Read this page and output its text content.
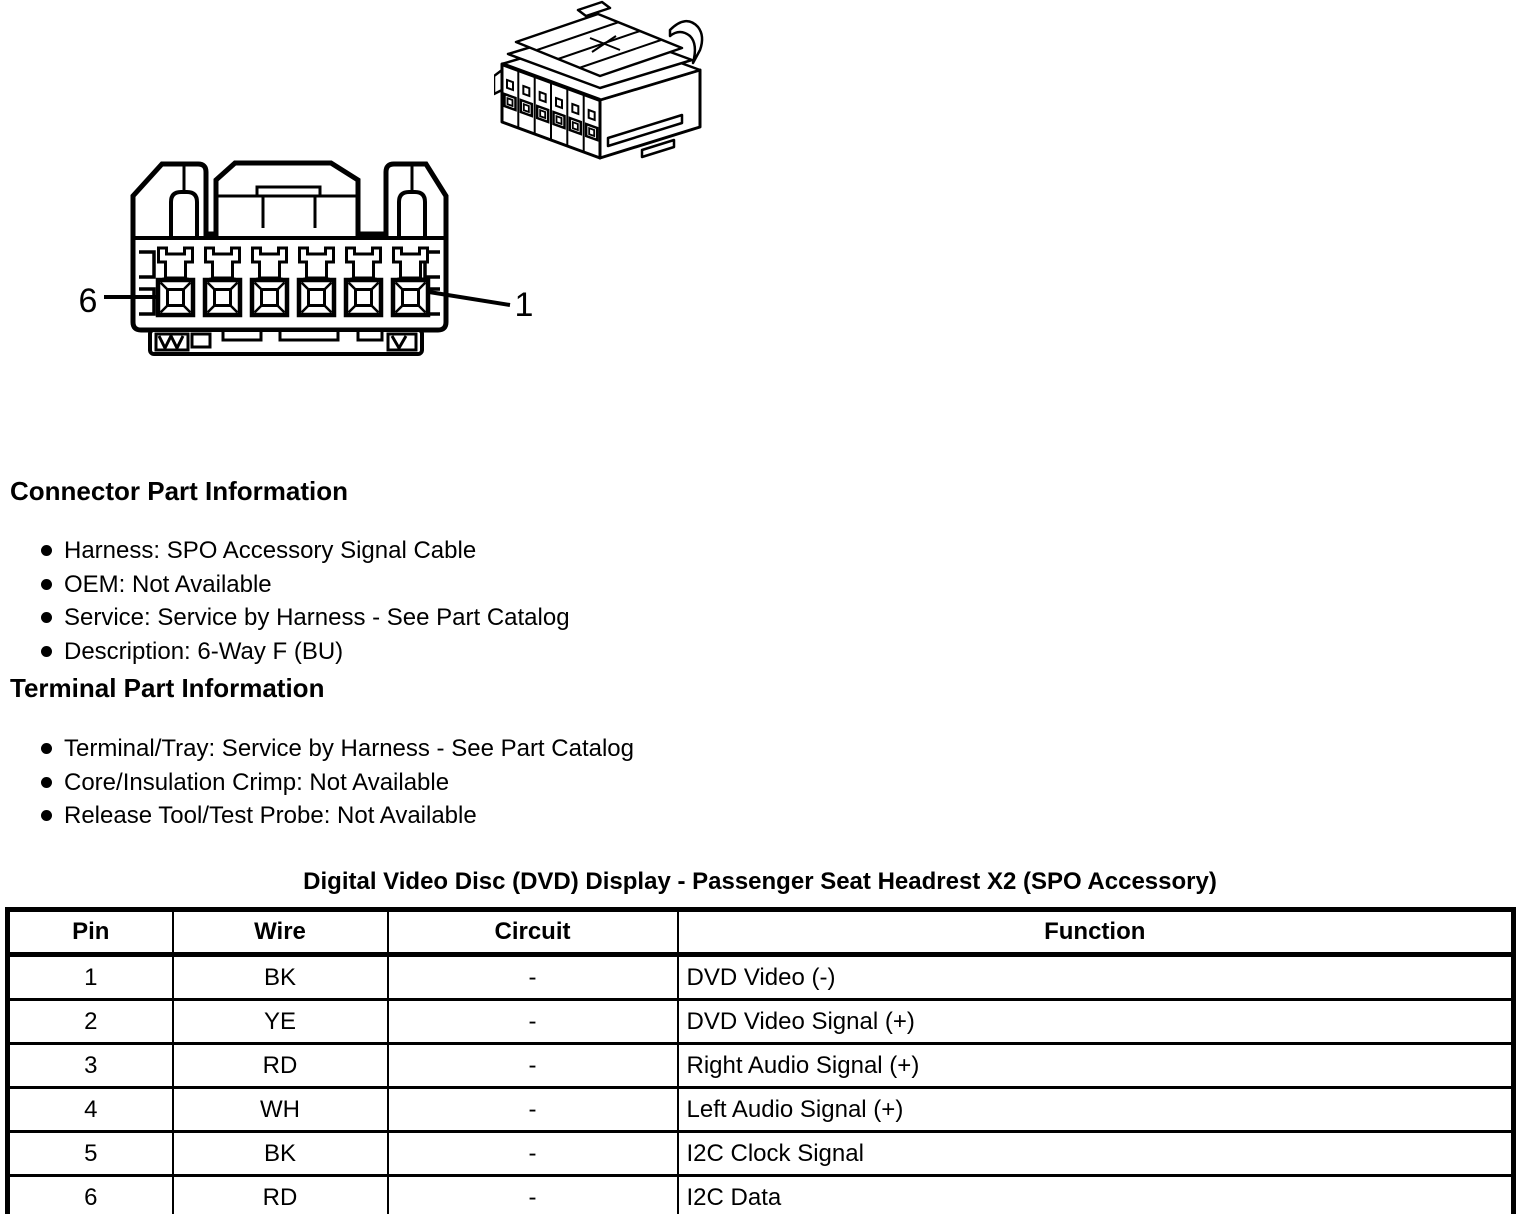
6	1
Connector Part Information
Harness: SPO Accessory Signal Cable
OEM: Not Available
Service: Service by Harness - See Part Catalog
Description: 6-Way F (BU)
Terminal Part Information
Terminal/Tray: Service by Harness - See Part Catalog
Core/Insulation Crimp: Not Available
Release Tool/Test Probe: Not Available
Digital Video Disc (DVD) Display - Passenger Seat Headrest X2 (SPO Accessory)
Pin	Wire	Circuit	Function
1	BK	-	DVD Video (-)
2	YE	-	DVD Video Signal (+)
3	RD	-	Right Audio Signal (+)
4	WH	-	Left Audio Signal (+)
5	BK	-	I2C Clock Signal
6	RD	-	I2C Data
